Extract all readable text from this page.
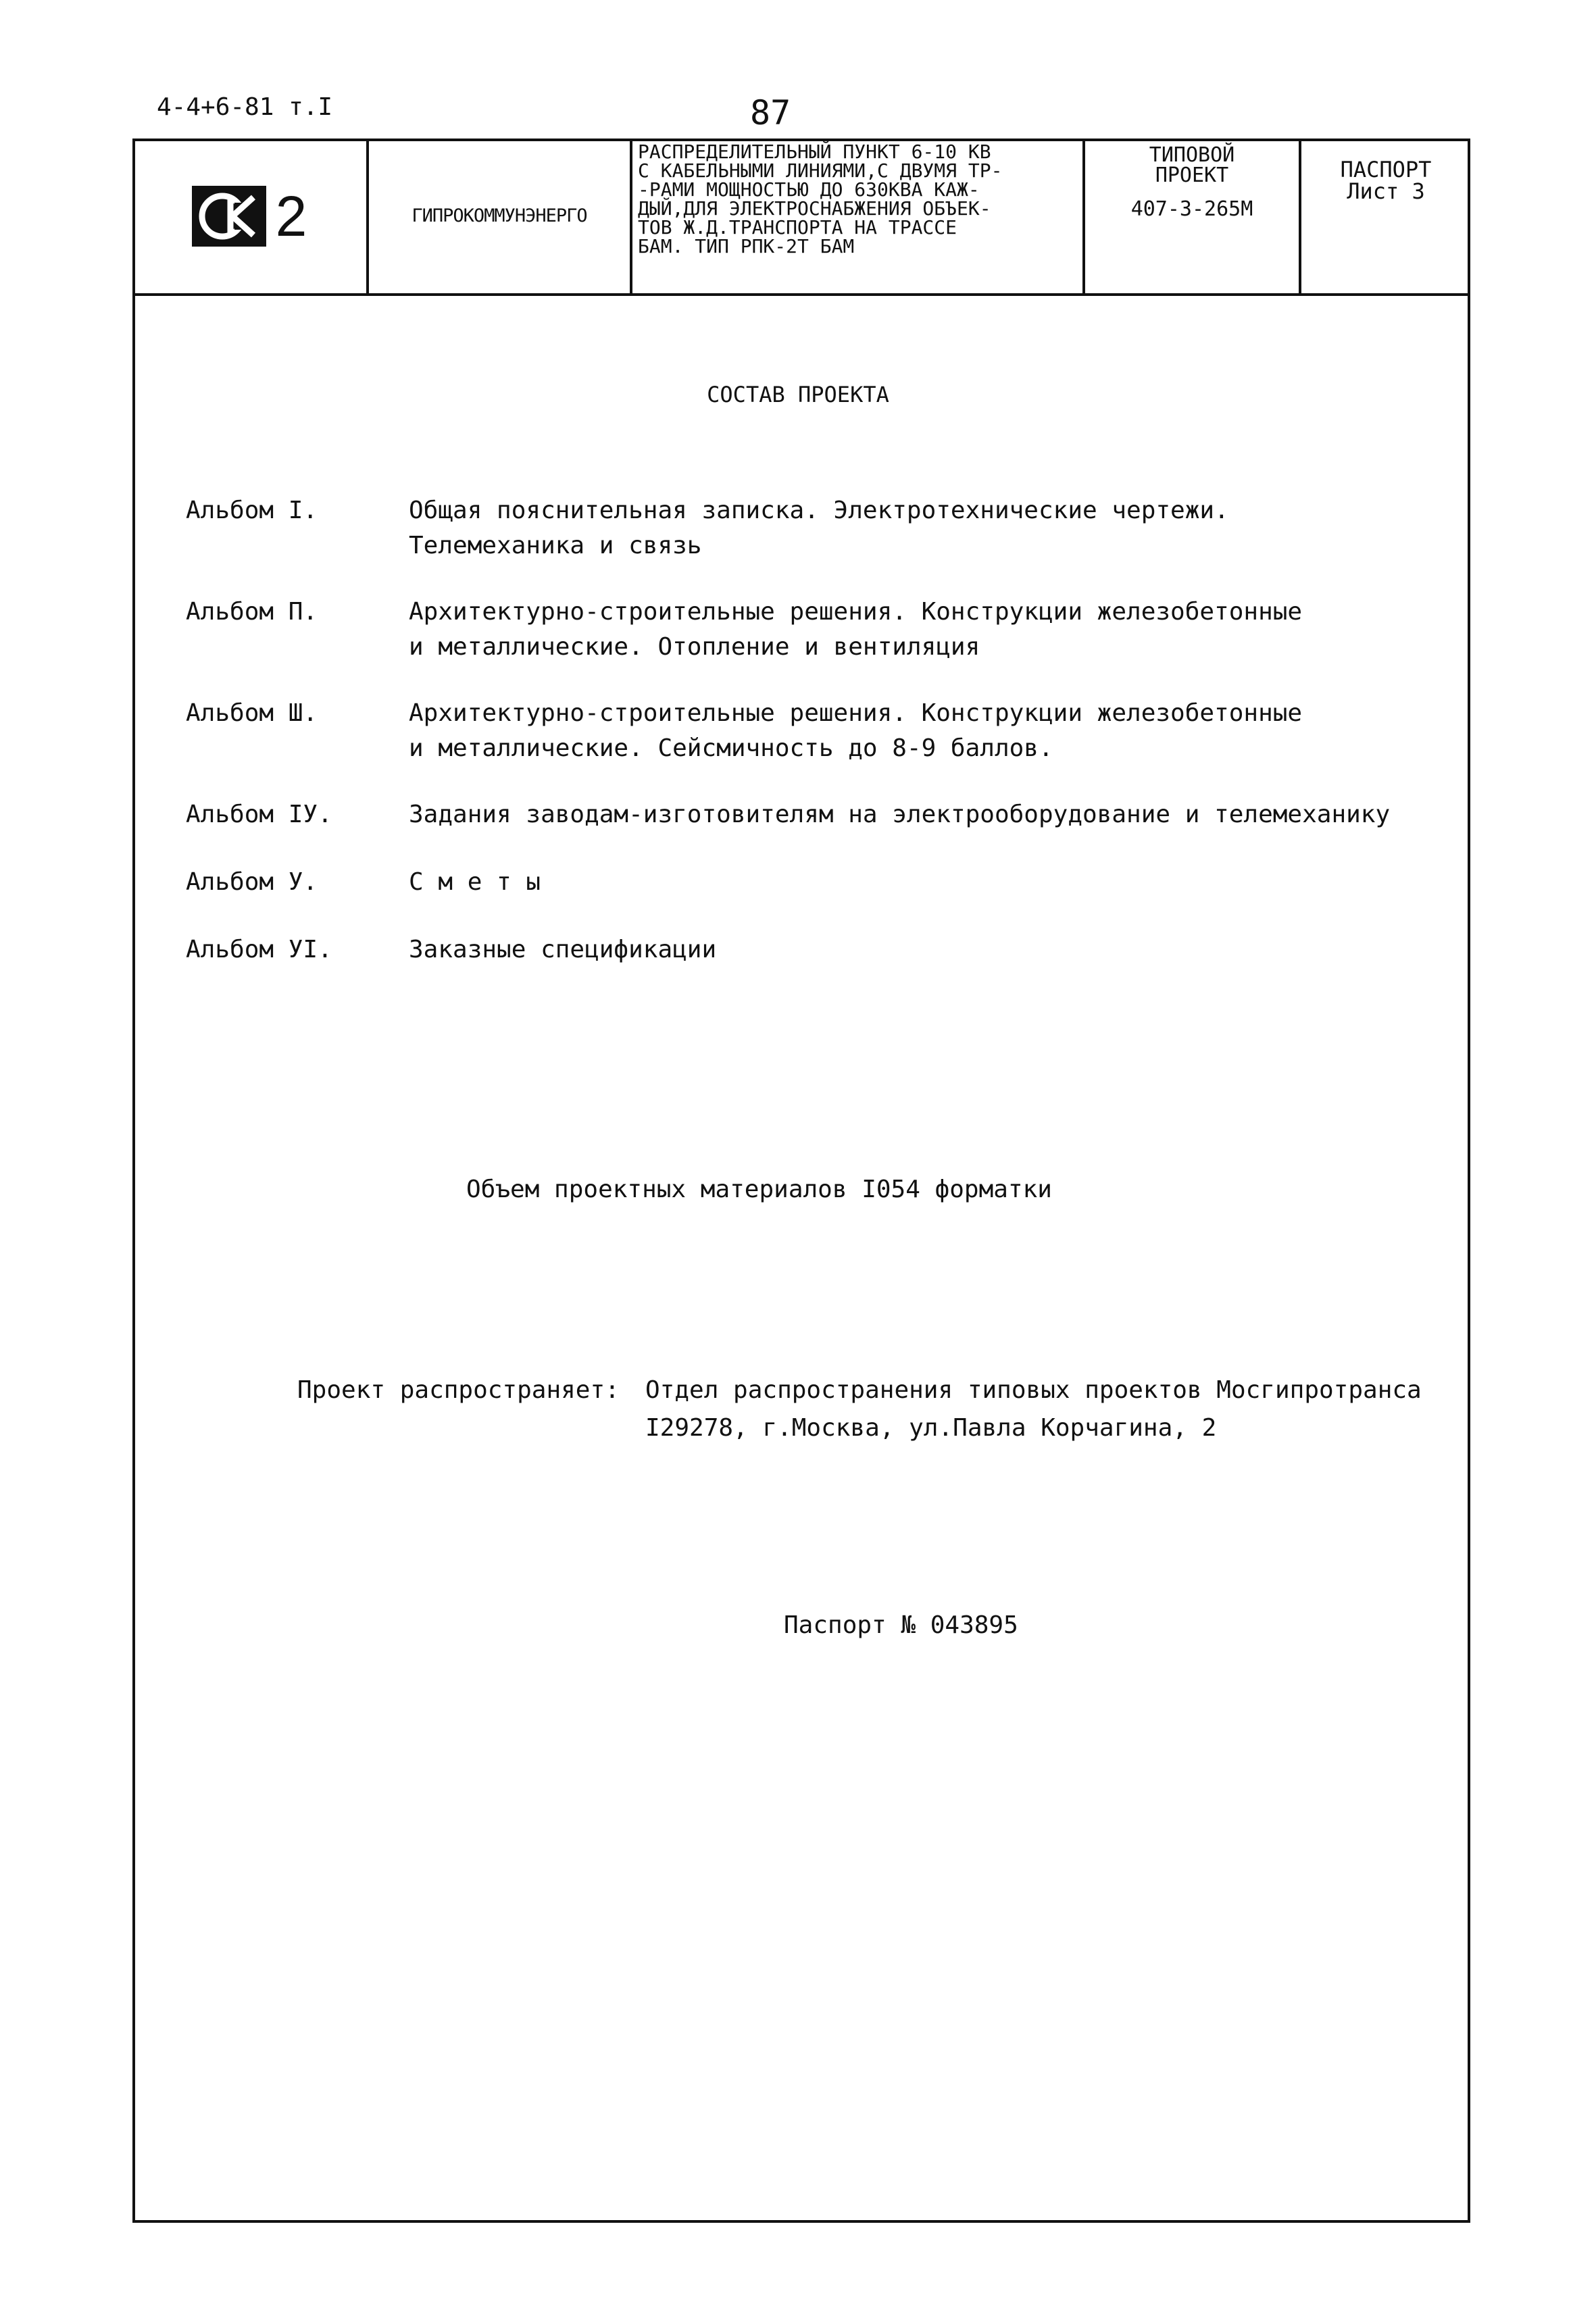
4-4+6-81 т.I	87
2	ГИПРОКОММУНЭНЕРГО
РАСПРЕДЕЛИТЕЛЬНЫЙ ПУНКТ 6-10 КВ
С КАБЕЛЬНЫМИ ЛИНИЯМИ,С ДВУМЯ ТР-
-РАМИ МОЩНОСТЬЮ ДО 630КВА КАЖ-
ДЫЙ,ДЛЯ ЭЛЕКТРОСНАБЖЕНИЯ ОБЪЕК-
ТОВ Ж.Д.ТРАНСПОРТА НА ТРАССЕ
БАМ. ТИП РПК-2Т БАМ
ТИПОВОЙ
ПРОЕКТ
407-3-265М
ПАСПОРТ
Лист 3
СОСТАВ ПРОЕКТА
Альбом I.	Общая пояснительная записка. Электротехнические чертежи.
Телемеханика и связь
Альбом П.	Архитектурно-строительные решения. Конструкции железобетонные
и металлические. Отопление и вентиляция
Альбом Ш.	Архитектурно-строительные решения. Конструкции железобетонные
и металлические. Сейсмичность до 8-9 баллов.
Альбом IУ.	Задания заводам-изготовителям на электрооборудование и телемеханику
Альбом У.	С м е т ы
Альбом УI.	Заказные спецификации
Объем проектных материалов I054 форматки
Проект распространяет: Отдел распространения типовых проектов Мосгипротранса
I29278, г.Москва, ул.Павла Корчагина, 2
Паспорт № 043895
